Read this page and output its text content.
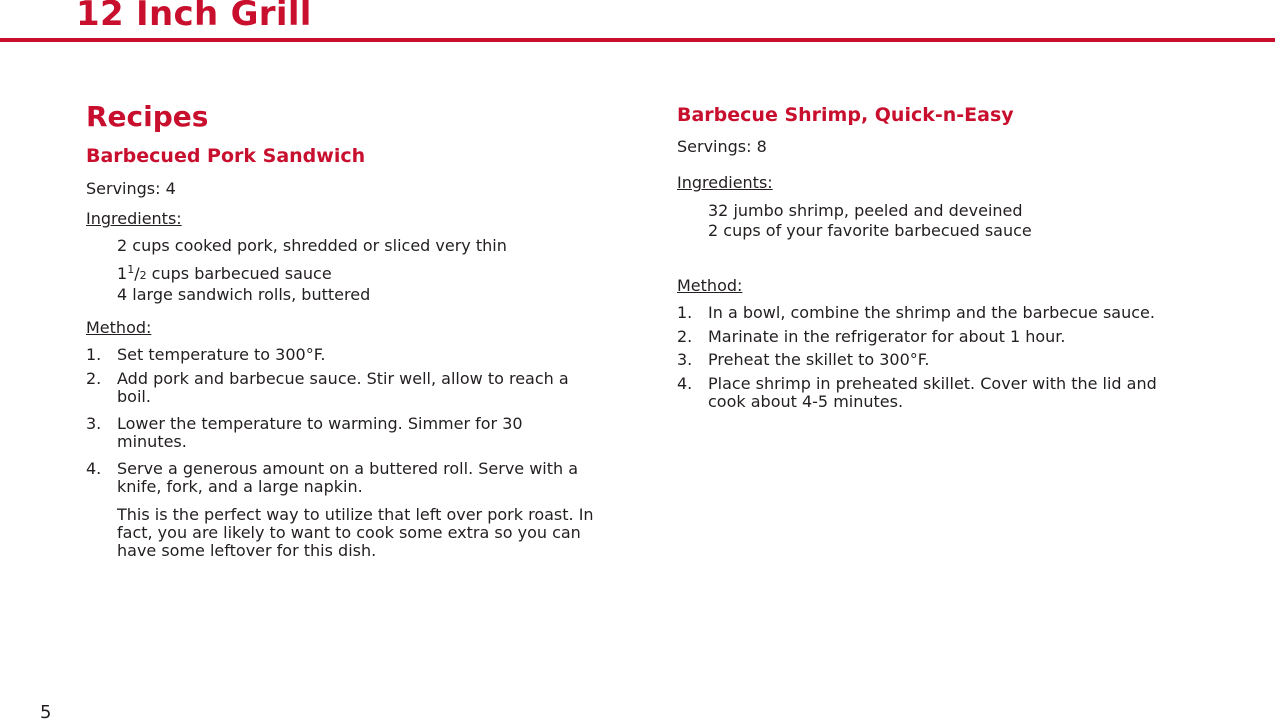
12 Inch Grill
Recipes
Barbecued Pork Sandwich
Servings: 4
Ingredients:
2 cups cooked pork, shredded or sliced very thin
$1^1/2$ cups barbecued sauce
4 large sandwich rolls, buttered
Method:
1. Set temperature to 300°F.
2. Add pork and barbecue sauce. Stir well, allow to reach a boil.
3. Lower the temperature to warming. Simmer for 30 minutes.
4. Serve a generous amount on a buttered roll. Serve with a knife, fork, and a large napkin.
This is the perfect way to utilize that left over pork roast. In fact, you are likely to want to cook some extra so you can have some leftover for this dish.
Barbecue Shrimp, Quick-n-Easy
Servings: 8
Ingredients:
32 jumbo shrimp, peeled and deveined
2 cups of your favorite barbecued sauce
Method:
1. In a bowl, combine the shrimp and the barbecue sauce.
2. Marinate in the refrigerator for about 1 hour.
3. Preheat the skillet to 300°F.
4. Place shrimp in preheated skillet. Cover with the lid and cook about 4-5 minutes.
5
